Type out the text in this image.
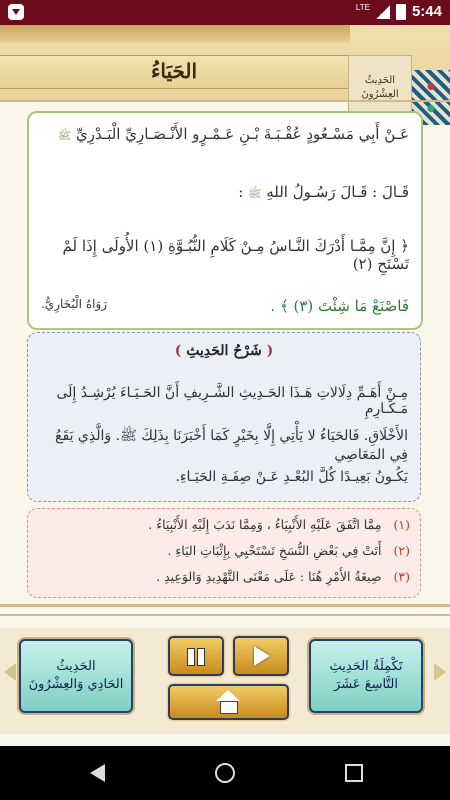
LTE	5:44
الحَيَاءُ	الحَدِيثُ
العِشْرُونَ
عَـنْ أَبِي مَسْـعُودٍ عُقْـبَـةَ بْـنِ عَـمْـرٍو الأَنْـصَـارِيِّ الْبَـدْرِيِّ ﷺ
قَـالَ : قَـالَ رَسُـولُ اللهِ ﷺ :
﴿ إِنَّ مِمَّـا أَدْرَكَ النَّـاسُ مِـنْ كَلَامِ النُّبُـوَّةِ (١) الأُولَى إِذَا لَمْ تَسْتَحِ (٢)
فَاصْنَعْ مَا شِئْتَ (٣) ﴾ .
رَوَاهُ الْبُخَارِيُّ.
( شَرْحُ الحَدِيثِ )
مِـنْ أَهَـمِّ دِلَالاتِ هَـذَا الحَـدِيثِ الشَّـرِيفِ أَنَّ الحَـيَـاءَ يُرْشِـدُ إِلَى مَـكَـارِمِ
الأَخْلَاقِ. فَالحَيَاءُ لا يَأْتِي إِلَّا بِخَيْرٍ كَمَا أَخْبَرَنَا بِذَلِكَ ﷺ. وَالَّذِي يَقَعُ فِي المَعَاصِي
يَكُـونُ بَعِيـدًا كُلَّ البُعْـدِ عَـنْ صِفَـةِ الحَيَـاءِ.
(١) مِمَّا اتَّفَقَ عَلَيْهِ الأَنْبِيَاءُ ، وَمِمَّا نَدَبَ إِلَيْهِ الأَنْبِيَاءُ .
(٢) أَتَتْ فِي بَعْضِ النُّسَخِ تَسْتَحْيِي بِإِثْبَاتِ اليَاءِ .
(٣) صِيغَةُ الأَمْرِ هُنَا : عَلَى مَعْنَى التَّهْدِيدِ وَالوَعِيدِ .
الحَدِيثُ
الحَادِي وَالعِشْرُونَ
تَكْمِلَةُ الحَدِيثِ
التَّاسِعَ عَشَرَ
